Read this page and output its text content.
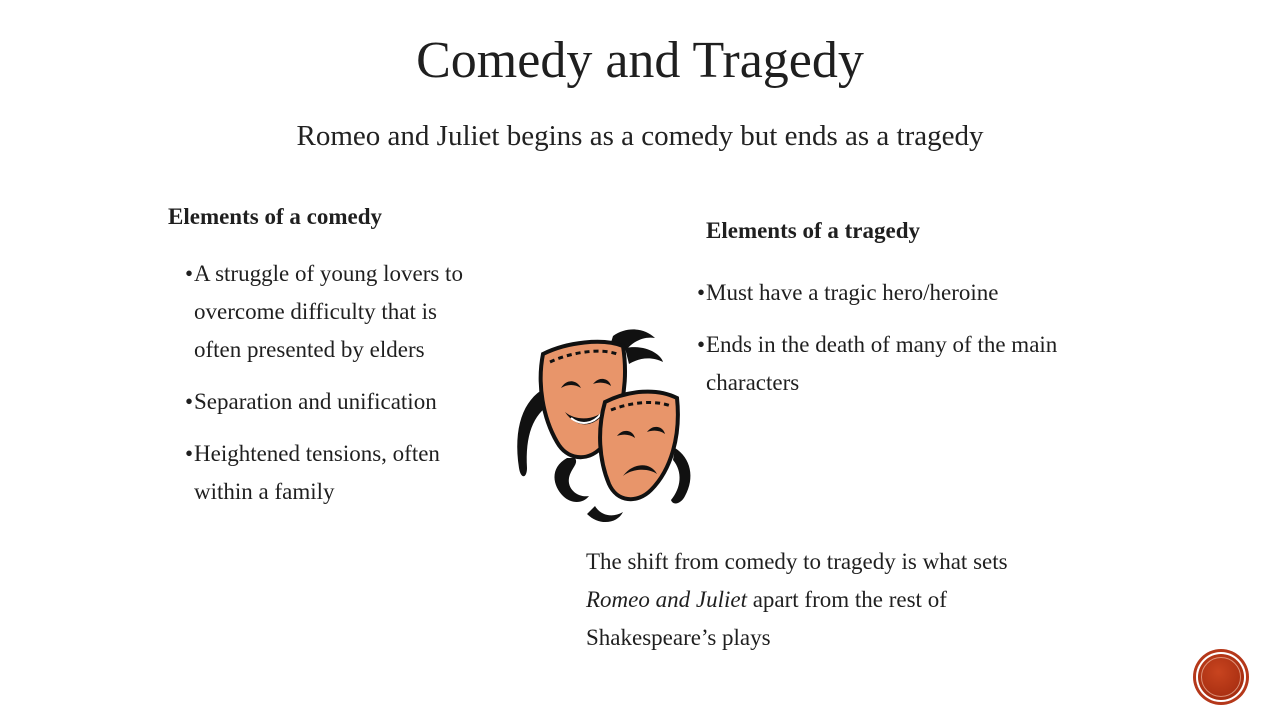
Comedy and Tragedy
Romeo and Juliet begins as a comedy but ends as a tragedy
Elements of a comedy
• A struggle of young lovers to overcome difficulty that is often presented by elders
• Separation and unification
• Heightened tensions, often within a family
Elements of a tragedy
• Must have a tragic hero/heroine
• Ends in the death of many of the main characters
The shift from comedy to tragedy is what sets Romeo and Juliet apart from the rest of Shakespeare’s plays
